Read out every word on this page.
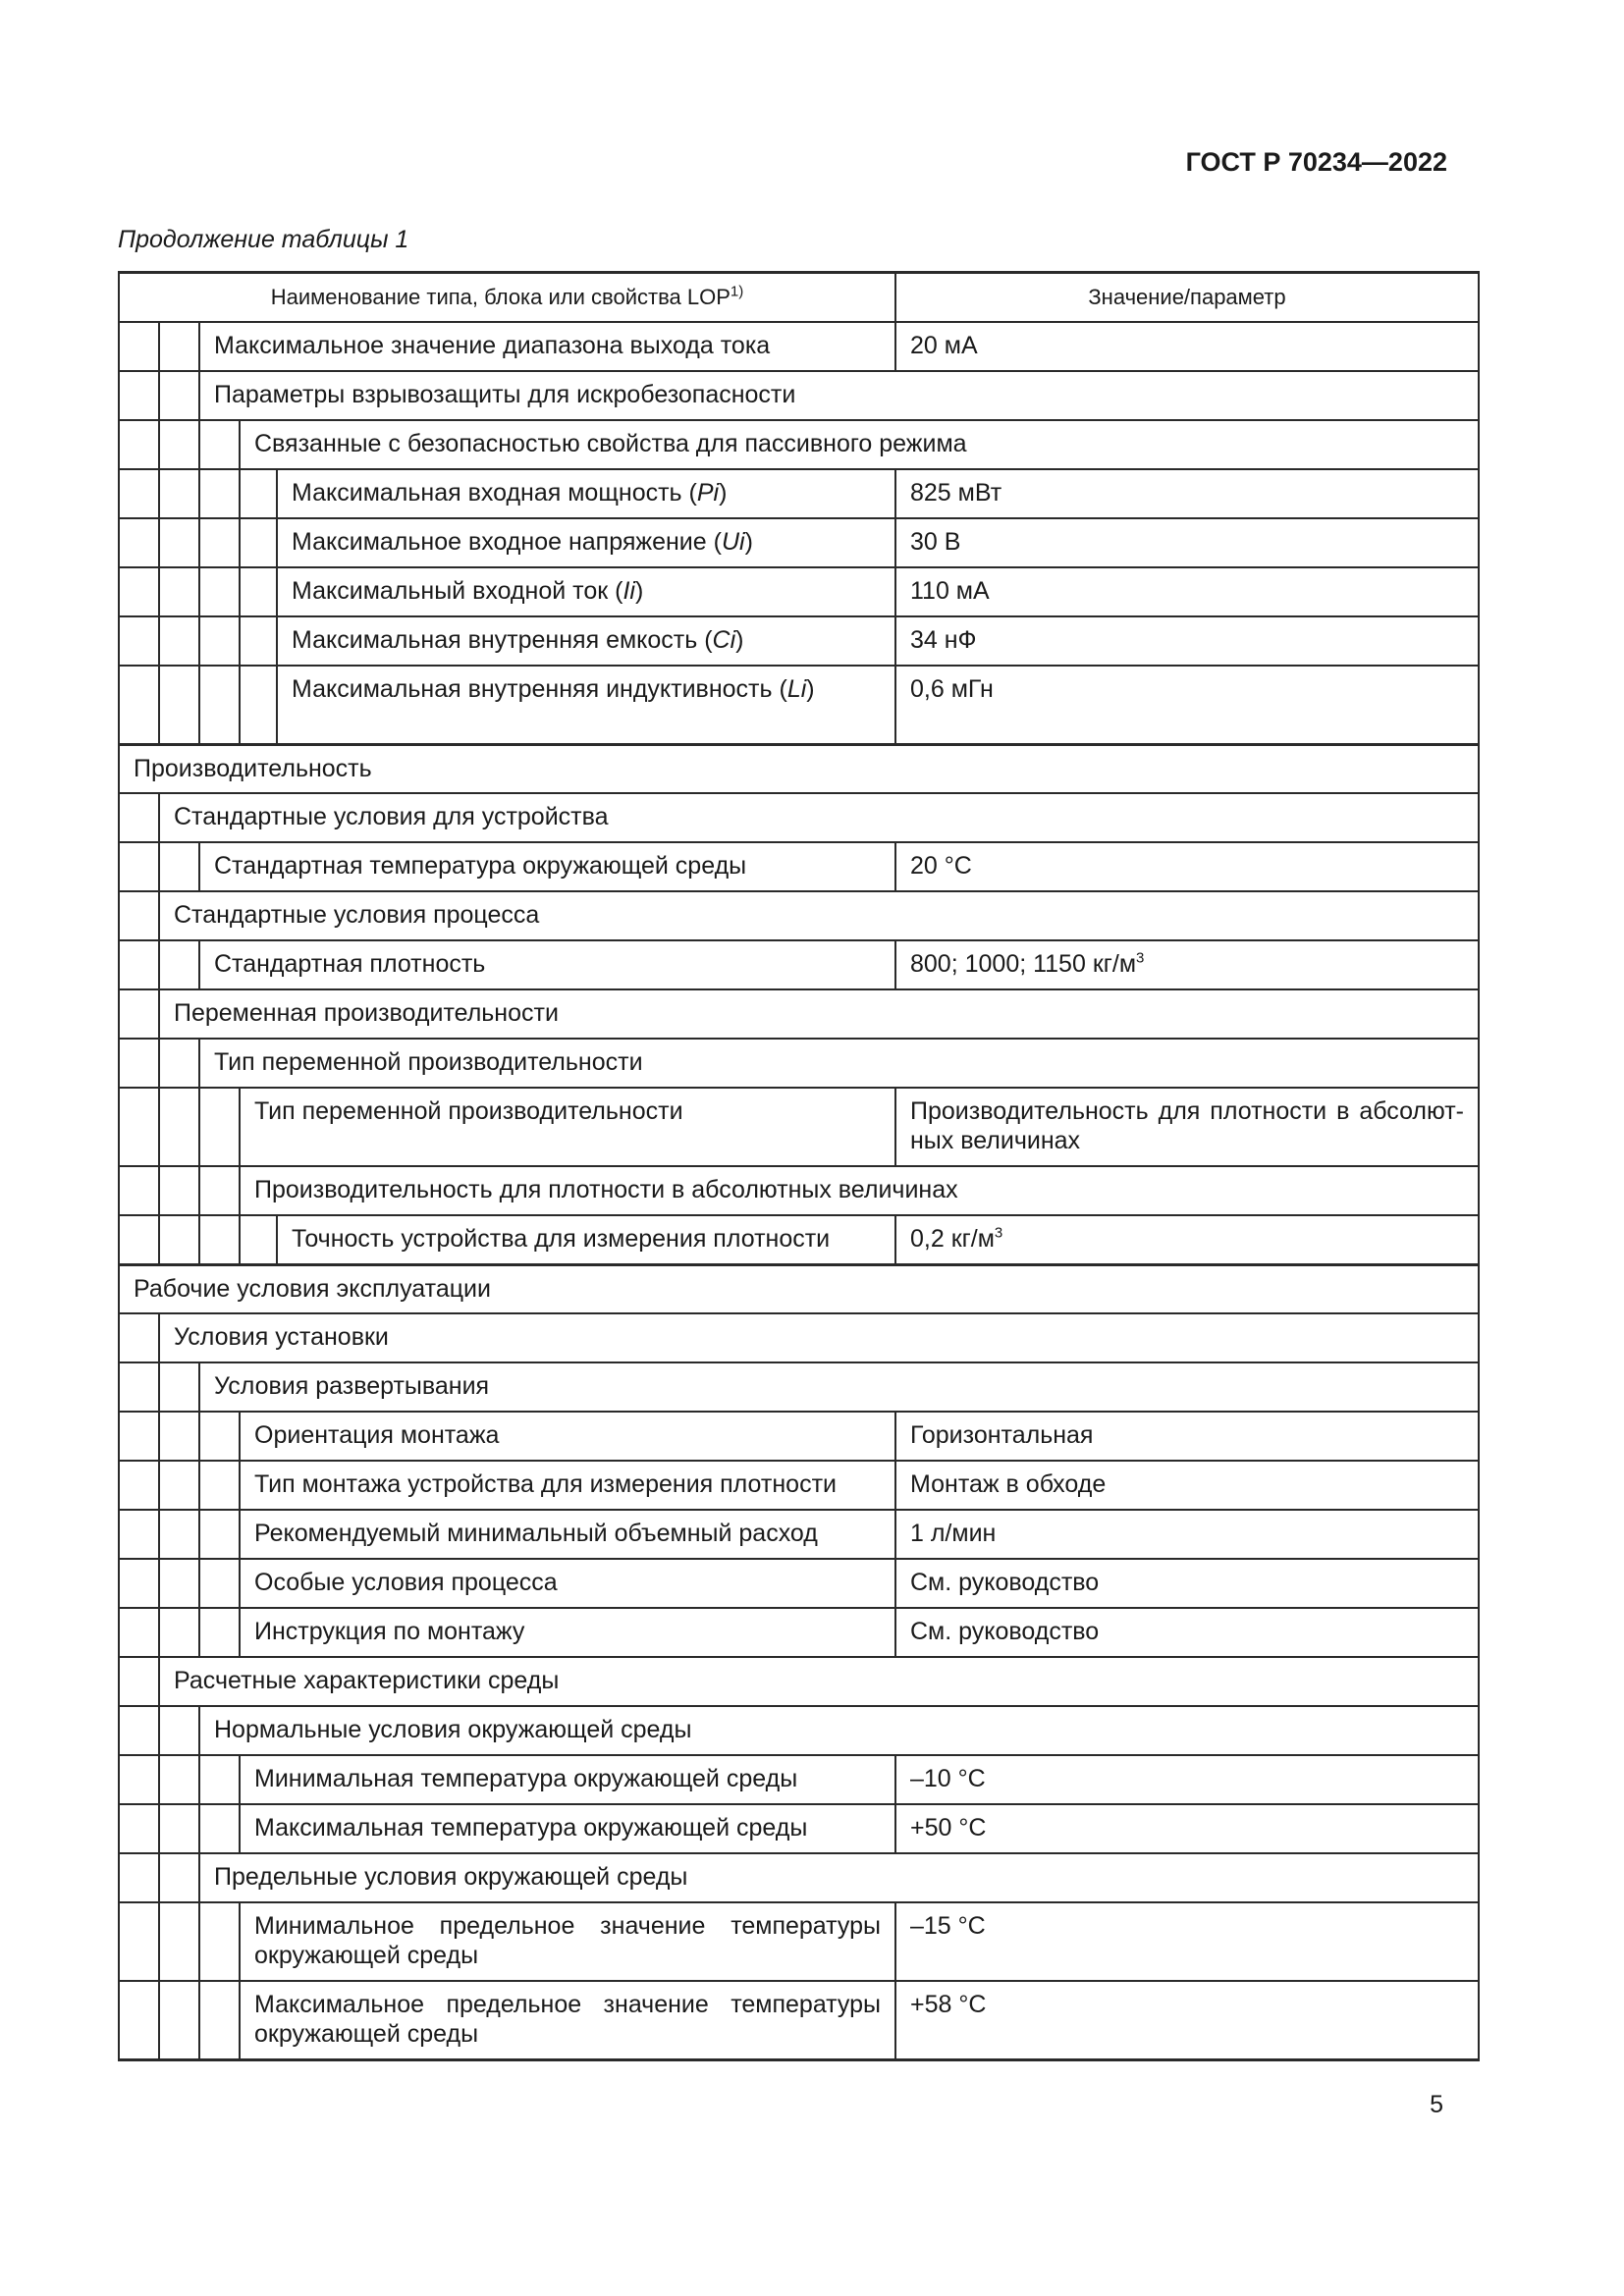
ГОСТ Р 70234—2022
Продолжение таблицы 1
Наименование типа, блока или свойства LOP$^{1)}$					Значение/параметр
		Максимальное значение диапазона выхода тока			20 мА
		Параметры взрывозащиты для искробезопасности			
			Связанные с безопасностью свойства для пассивного режима		
				Максимальная входная мощность (Pi)	825 мВт
				Максимальное входное напряжение (Ui)	30 В
				Максимальный входной ток (Ii)	110 мА
				Максимальная внутренняя емкость (Ci)	34 нФ
				Максимальная внутренняя индуктивность (Li)	0,6 мГн
Производительность					
	Стандартные условия для устройства				
		Стандартная температура окружающей среды			20 °C
	Стандартные условия процесса				
		Стандартная плотность			800; 1000; 1150 $кг/м^3$
	Переменная производительности				
		Тип переменной производительности			
			Тип переменной производительности		Производительность для плотности в абсолют-ных величинах
			Производительность для плотности в абсолютных величинах		
				Точность устройства для измерения плотности	0,2 $кг/м^3$
Рабочие условия эксплуатации					
	Условия установки				
		Условия развертывания			
			Ориентация монтажа		Горизонтальная
			Тип монтажа устройства для измерения плотности		Монтаж в обходе
			Рекомендуемый минимальный объемный расход		1 л/мин
			Особые условия процесса		См. руководство
			Инструкция по монтажу		См. руководство
	Расчетные характеристики среды				
		Нормальные условия окружающей среды			
			Минимальная температура окружающей среды		–10 °C
			Максимальная температура окружающей среды		+50 °C
		Предельные условия окружающей среды			
			Минимальное предельное значение температуры окружающей среды		–15 °C
			Максимальное предельное значение температуры окружающей среды		+58 °C
5
